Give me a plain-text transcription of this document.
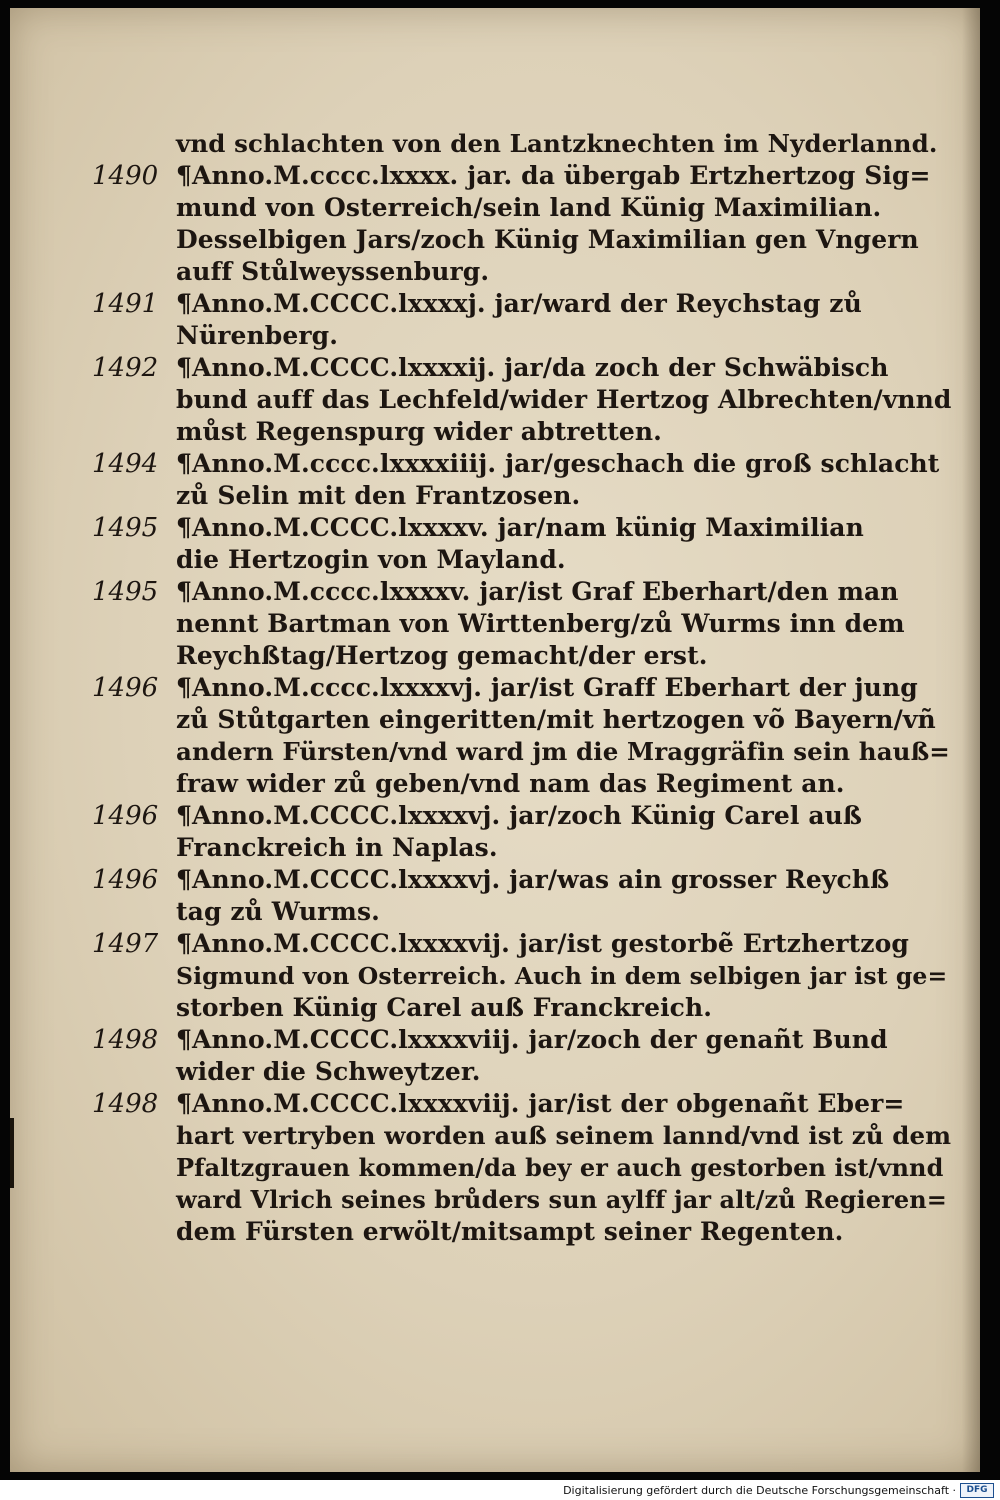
vnd schlachten von den Lantzknechten im Nyderlannd.
1490 ¶Anno.M.cccc.lxxxx. jar. da übergab Ertzhertzog Sig=
mund von Osterreich/sein land Künig Maximilian.
Desselbigen Jars/zoch Künig Maximilian gen Vngern
auff Stůlweyssenburg.
1491 ¶Anno.M.CCCC.lxxxxj. jar/ward der Reychstag zů
Nürenberg.
1492 ¶Anno.M.CCCC.lxxxxij. jar/da zoch der Schwäbisch
bund auff das Lechfeld/wider Hertzog Albrechten/vnnd
můst Regenspurg wider abtretten.
1494 ¶Anno.M.cccc.lxxxxiiij. jar/geschach die groß schlacht
zů Selin mit den Frantzosen.
1495 ¶Anno.M.CCCC.lxxxxv. jar/nam künig Maximilian
die Hertzogin von Mayland.
1495 ¶Anno.M.cccc.lxxxxv. jar/ist Graf Eberhart/den man
nennt Bartman von Wirttenberg/zů Wurms inn dem
Reychßtag/Hertzog gemacht/der erst.
1496 ¶Anno.M.cccc.lxxxxvj. jar/ist Graff Eberhart der jung
zů Stůtgarten eingeritten/mit hertzogen võ Bayern/vñ
andern Fürsten/vnd ward jm die Mraggräfin sein hauß=
fraw wider zů geben/vnd nam das Regiment an.
1496 ¶Anno.M.CCCC.lxxxxvj. jar/zoch Künig Carel auß
Franckreich in Naplas.
1496 ¶Anno.M.CCCC.lxxxxvj. jar/was ain grosser Reychß
tag zů Wurms.
1497 ¶Anno.M.CCCC.lxxxxvij. jar/ist gestorbẽ Ertzhertzog
Sigmund von Osterreich. Auch in dem selbigen jar ist ge=
storben Künig Carel auß Franckreich.
1498 ¶Anno.M.CCCC.lxxxxviij. jar/zoch der genañt Bund
wider die Schweytzer.
1498 ¶Anno.M.CCCC.lxxxxviij. jar/ist der obgenañt Eber=
hart vertryben worden auß seinem lannd/vnd ist zů dem
Pfaltzgrauen kommen/da bey er auch gestorben ist/vnnd
ward Vlrich seines brůders sun aylff jar alt/zů Regieren=
dem Fürsten erwölt/mitsampt seiner Regenten.
Digitalisierung gefördert durch die Deutsche Forschungsgemeinschaft ·	DFG
